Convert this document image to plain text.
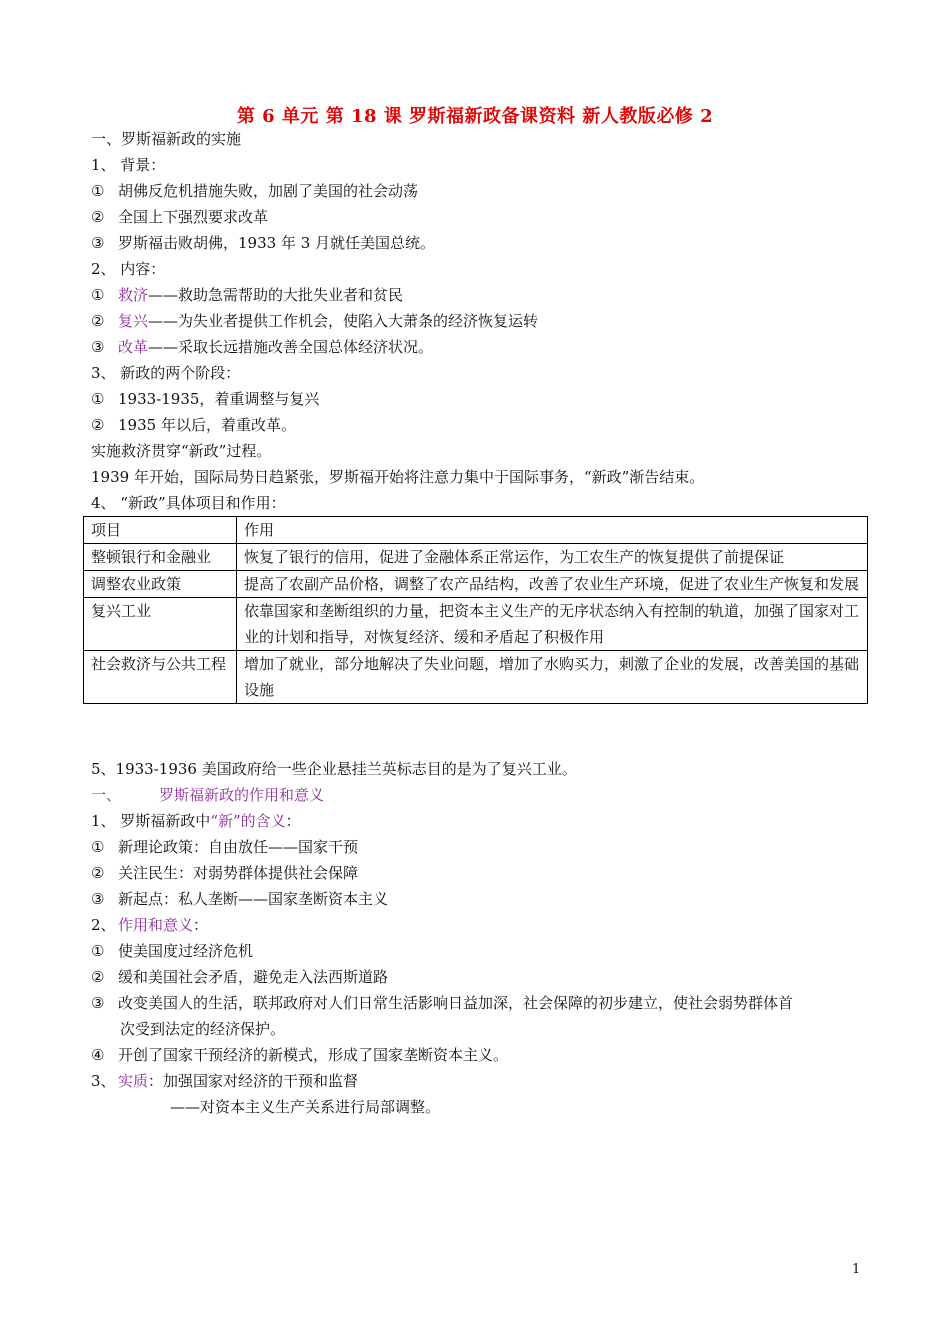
第 6 单元 第 18 课 罗斯福新政备课资料 新人教版必修 2
一、罗斯福新政的实施
1、 背景：
① 胡佛反危机措施失败，加剧了美国的社会动荡
② 全国上下强烈要求改革
③ 罗斯福击败胡佛，1933 年 3 月就任美国总统。
2、 内容：
① 救济——救助急需帮助的大批失业者和贫民
② 复兴——为失业者提供工作机会，使陷入大萧条的经济恢复运转
③ 改革——采取长远措施改善全国总体经济状况。
3、 新政的两个阶段：
① 1933-1935，着重调整与复兴
② 1935 年以后，着重改革。
实施救济贯穿“新政”过程。
1939 年开始，国际局势日趋紧张，罗斯福开始将注意力集中于国际事务，“新政”渐告结束。
4、 “新政”具体项目和作用：
项目	作用
整顿银行和金融业	恢复了银行的信用，促进了金融体系正常运作，为工农生产的恢复提供了前提保证
调整农业政策	提高了农副产品价格，调整了农产品结构，改善了农业生产环境，促进了农业生产恢复和发展
复兴工业	依靠国家和垄断组织的力量，把资本主义生产的无序状态纳入有控制的轨道，加强了国家对工业的计划和指导，对恢复经济、缓和矛盾起了积极作用
社会救济与公共工程	增加了就业，部分地解决了失业问题，增加了水购买力，刺激了企业的发展，改善美国的基础设施
5、1933-1936 美国政府给一些企业悬挂兰英标志目的是为了复兴工业。
一、	罗斯福新政的作用和意义
1、 罗斯福新政中“新”的含义：
① 新理论政策：自由放任——国家干预
② 关注民生：对弱势群体提供社会保障
③ 新起点：私人垄断——国家垄断资本主义
2、 作用和意义：
① 使美国度过经济危机
② 缓和美国社会矛盾，避免走入法西斯道路
③ 改变美国人的生活，联邦政府对人们日常生活影响日益加深，社会保障的初步建立，使社会弱势群体首
次受到法定的经济保护。
④ 开创了国家干预经济的新模式，形成了国家垄断资本主义。
3、 实质：加强国家对经济的干预和监督
——对资本主义生产关系进行局部调整。
1
